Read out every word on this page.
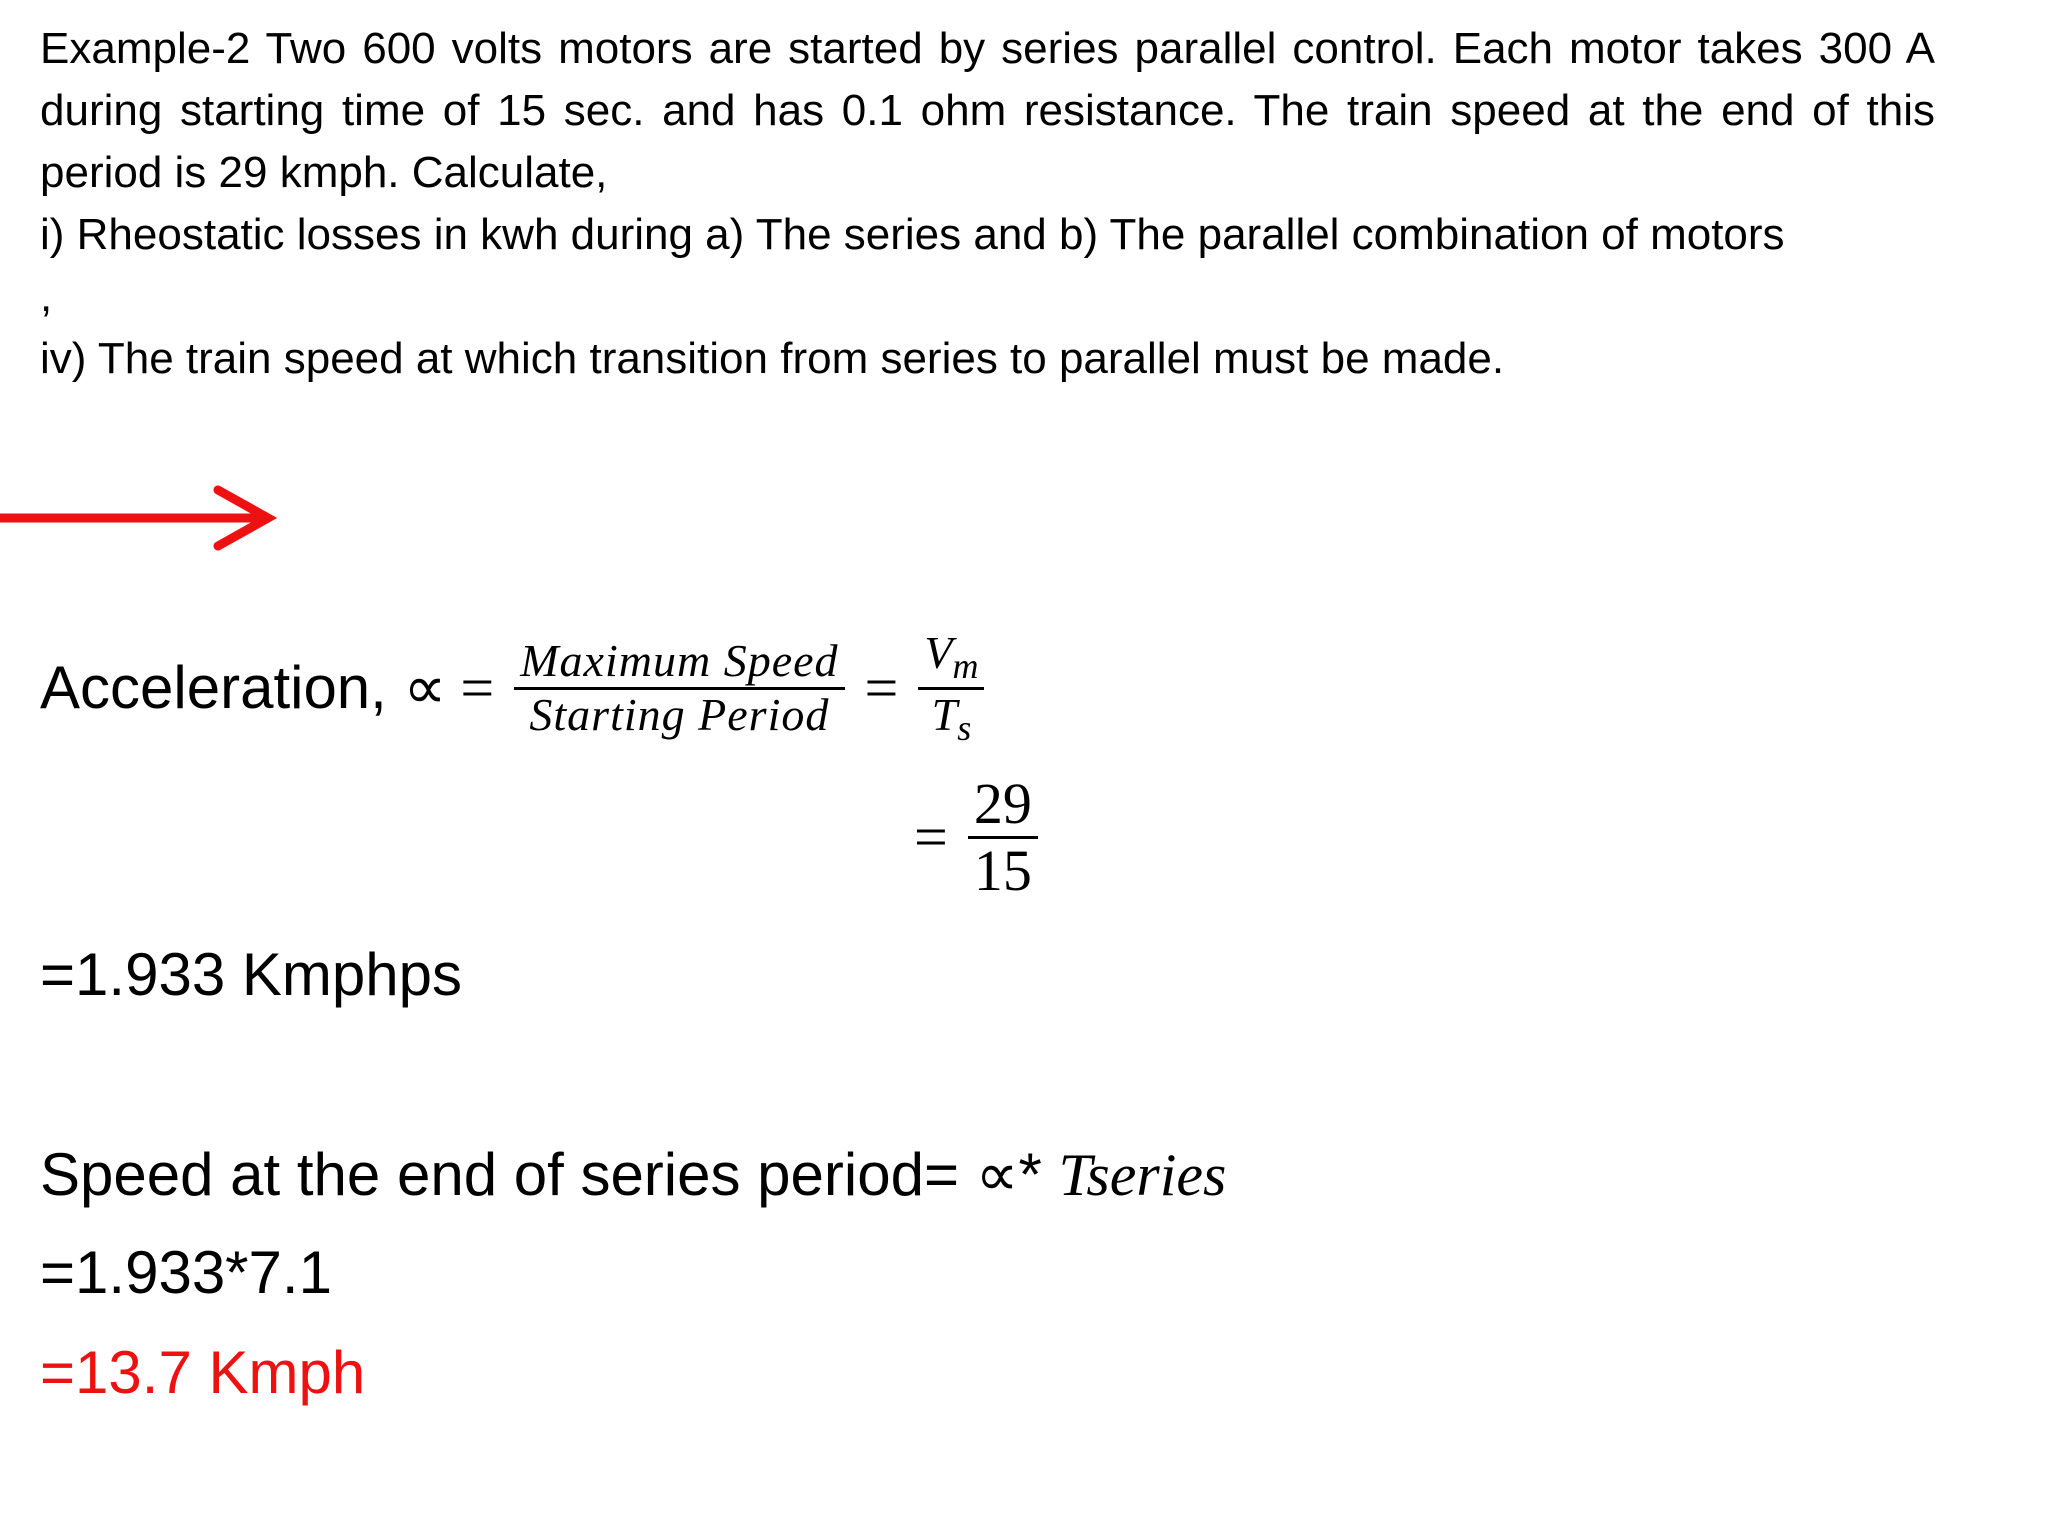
Example-2 Two 600 volts motors are started by series parallel control. Each motor takes 300 A during starting time of 15 sec. and has 0.1 ohm resistance. The train speed at the end of this period is 29 kmph. Calculate,

i) Rheostatic losses in kwh during a) The series and b) The parallel combination of motors

,

iv) The train speed at which transition from series to parallel must be made.

Acceleration, ∝ = $\frac{\text{Maximum Speed}}{\text{Starting Period}} = \frac{V_m}{T_s}$
= $\frac{29}{15}$
=1.933 Kmphps
Speed at the end of series period= ∝* Tseries
=1.933*7.1
=13.7 Kmph
